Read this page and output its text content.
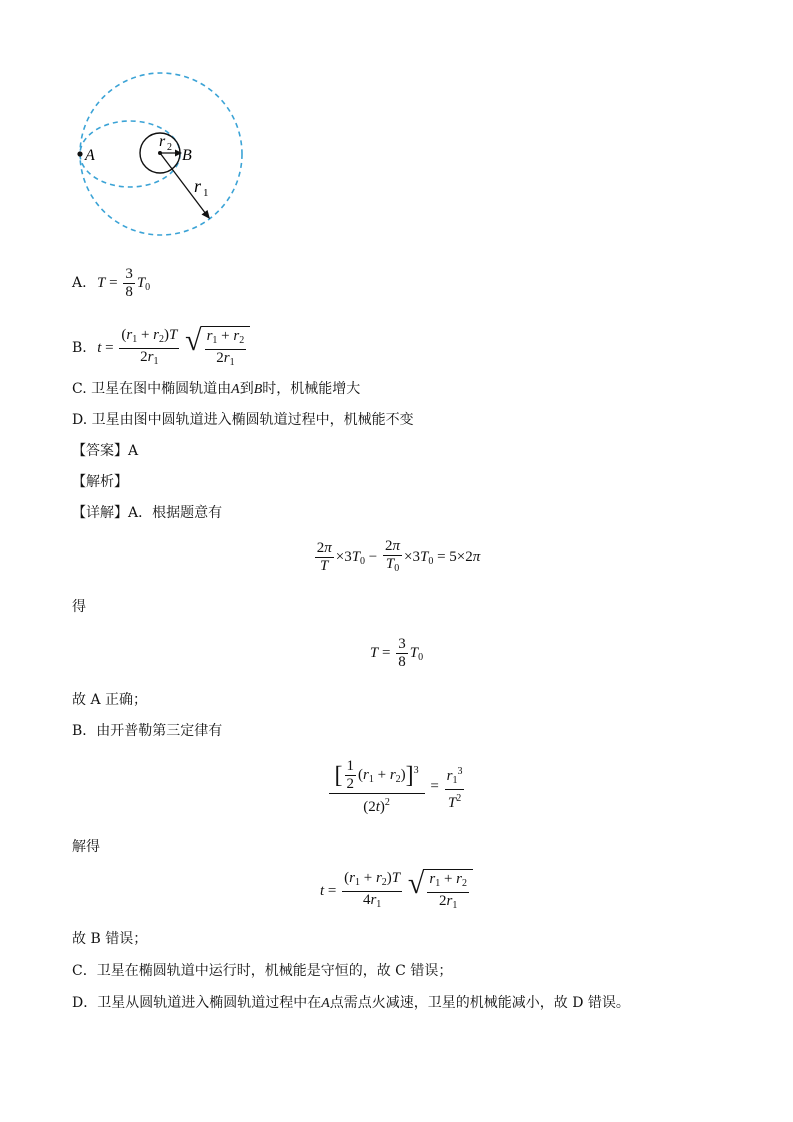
A	B
r 2
r 1
A. $T = \frac{3}{8} T_0$
B. $t = \frac{(r_1 + r_2)T}{2r_1}$
√ $\frac{r_1 + r_2}{2r_1}$
C. 卫星在图中椭圆轨道由A到B时，机械能增大
D. 卫星由图中圆轨道进入椭圆轨道过程中，机械能不变
【答案】A
【解析】
【详解】A．根据题意有
$\frac{2\pi}{T} \times 3T_0 - \frac{2\pi}{T_0} \times 3T_0 = 5\times 2\pi$
得
$T = \frac{3}{8} T_0$
故 A 正确；
B．由开普勒第三定律有
$\frac{[ \frac{1}{2} (r_1 + r_2)]^3}{(2t)^2} = \frac{r_1^3}{T^2}$
解得
$t = \frac{(r_1 + r_2)T}{4r_1}$
√ $\frac{r_1 + r_2}{2r_1}$
故 B 错误；
C．卫星在椭圆轨道中运行时，机械能是守恒的，故 C 错误；
D．卫星从圆轨道进入椭圆轨道过程中在A点需点火减速，卫星的机械能减小，故 D 错误。
